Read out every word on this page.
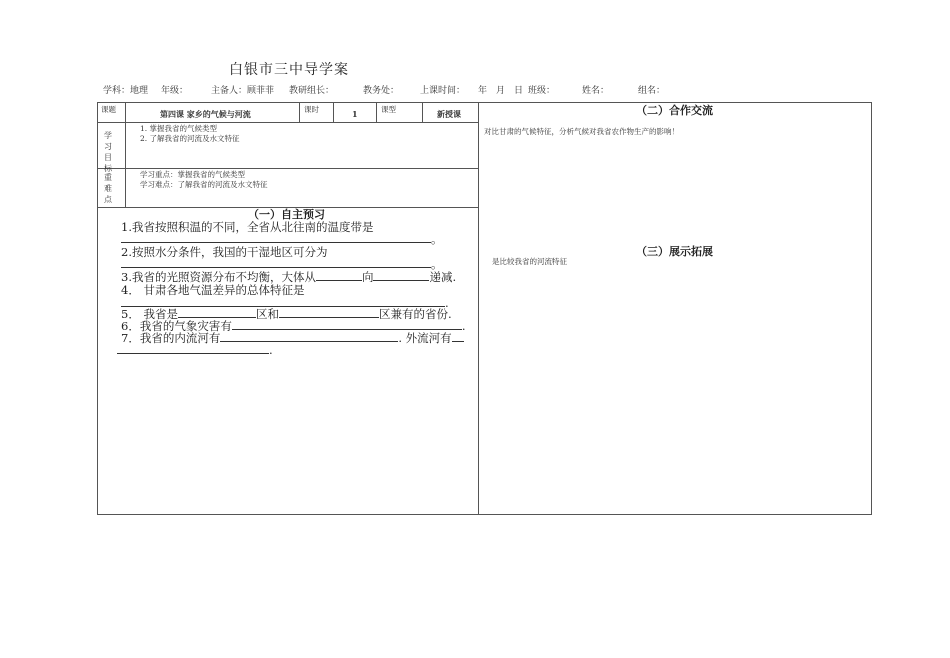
白银市三中导学案
学科：地理 年级：	主备人：顾菲菲 教研组长：	教务处： 上课时间： 年 月 日 班级：	姓名：	组名：
课题	第四课 家乡的气候与河流	课时	1	课型	新授课
学习目标
1. 掌握我省的气候类型
2. 了解我省的河流及水文特征
重难点
学习重点：掌握我省的气候类型
学习难点：了解我省的河流及水文特征
（一）自主预习
1.我省按照积温的不同，全省从北往南的温度带是
。
2.按照水分条件，我国的干湿地区可分为
。
3.我省的光照资源分布不均衡，大体从	向	递减.
4． 甘肃各地气温差异的总体特征是
.
5． 我省是	区和	区兼有的省份.
6．我省的气象灾害有	.
7．我省的内流河有	. 外流河有
.
（二）合作交流
对比甘肃的气候特征，分析气候对我省农作物生产的影响！
（三）展示拓展
是比较我省的河流特征
